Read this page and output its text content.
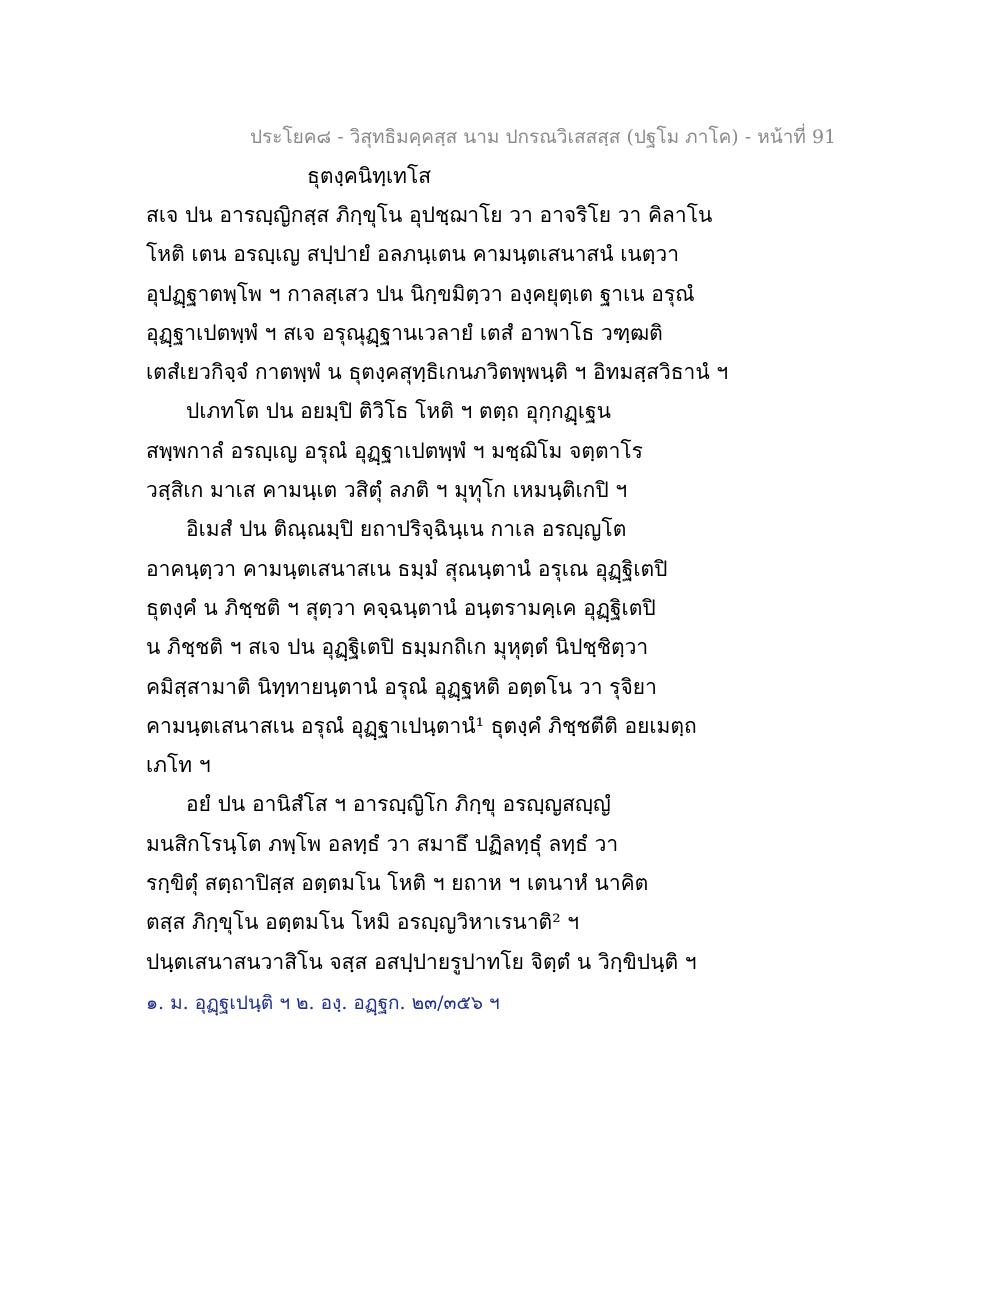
ประโยค๘ - วิสุทธิมคฺคสฺส นาม ปกรณวิเสสสฺส (ปฐโม ภาโค) - หน้าที่ 91
ธุตงฺคนิทฺเทโส
สเจ ปน อารญฺญิกสฺส ภิกฺขุโน อุปชฺฌาโย วา อาจริโย วา คิลาโน
โหติ เตน อรญฺเญ สปฺปายํ อลภนฺเตน คามนฺตเสนาสนํ เนตฺวา
อุปฏฺฐาตพฺโพ ฯ กาลสฺเสว ปน นิกฺขมิตฺวา องฺคยุตฺเต ฐาเน อรุณํ
อุฏฺฐาเปตพฺพํ ฯ สเจ อรุณุฏฺฐานเวลายํ เตสํ อาพาโธ วฑฺฒติ
เตสํเยวกิจฺจํ กาตพฺพํ น ธุตงฺคสุทฺธิเกนภวิตพฺพนฺติ ฯ อิทมสฺสวิธานํ ฯ
ปเภทโต ปน อยมฺปิ ติวิโธ โหติ ฯ ตตฺถ อุกฺกฏฺเฐน
สพฺพกาลํ อรญฺเญ อรุณํ อุฏฺฐาเปตพฺพํ ฯ มชฺฌิโม จตฺตาโร
วสฺสิเก มาเส คามนฺเต วสิตุํ ลภติ ฯ มุทุโก เหมนฺติเกปิ ฯ
อิเมสํ ปน ติณฺณมฺปิ ยถาปริจฺฉินฺเน กาเล อรญฺญโต
อาคนฺตฺวา คามนฺตเสนาสเน ธมฺมํ สุณนฺตานํ อรุเณ อุฏฺฐิเตปิ
ธุตงฺคํ น ภิชฺชติ ฯ สุตฺวา คจฺฉนฺตานํ อนฺตรามคฺเค อุฏฺฐิเตปิ
น ภิชฺชติ ฯ สเจ ปน อุฏฺฐิเตปิ ธมฺมกถิเก มุหุตฺตํ นิปชฺชิตฺวา
คมิสฺสามาติ นิทฺทายนฺตานํ อรุณํ อุฏฺฐหติ อตฺตโน วา รุจิยา
คามนฺตเสนาสเน อรุณํ อุฏฺฐาเปนฺตานํ¹ ธุตงฺคํ ภิชฺชตีติ อยเมตฺถ
เภโท ฯ
อยํ ปน อานิสํโส ฯ อารญฺญิโก ภิกฺขุ อรญฺญสญฺญํ
มนสิกโรนฺโต ภพฺโพ อลทฺธํ วา สมาธึ ปฏิลทฺธุํ ลทฺธํ วา
รกฺขิตุํ สตฺถาปิสฺส อตฺตมโน โหติ ฯ ยถาห ฯ เตนาหํ นาคิต
ตสฺส ภิกฺขุโน อตฺตมโน โหมิ อรญฺญวิหาเรนาติ² ฯ
ปนฺตเสนาสนวาสิโน จสฺส อสปฺปายรูปาทโย จิตฺตํ น วิกฺขิปนฺติ ฯ
๑. ม. อุฏฺฐเปนฺติ ฯ ๒. องฺ. อฏฺฐก. ๒๓/๓๕๖ ฯ
